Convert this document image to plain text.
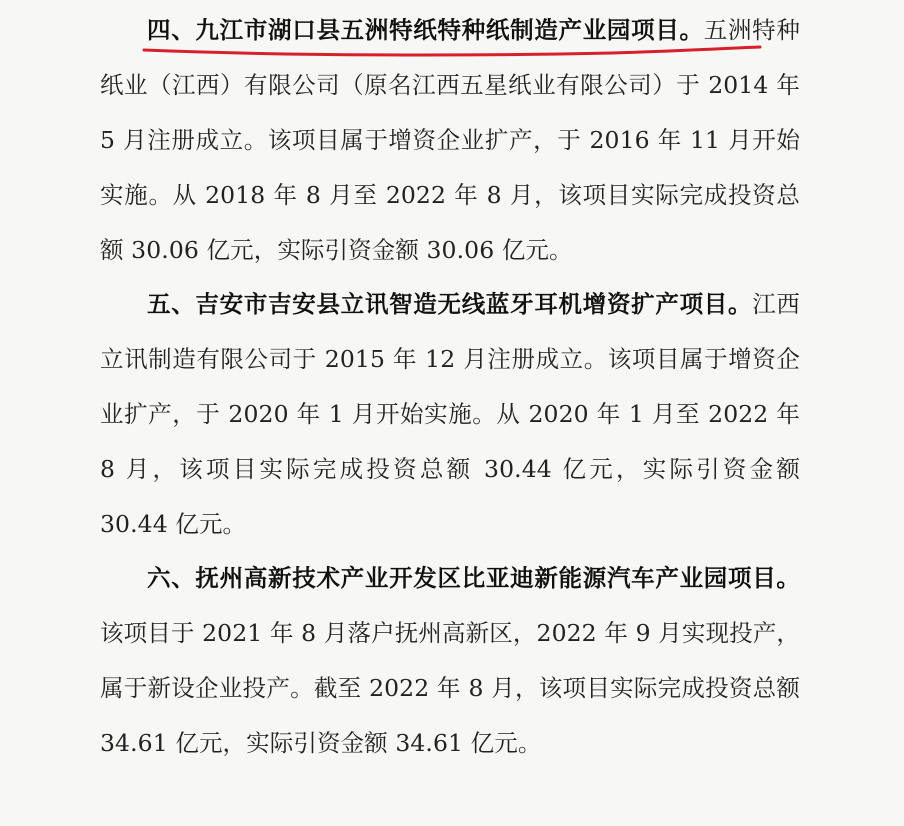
四、九江市湖口县五洲特纸特种纸制造产业园项目。五洲特种纸业（江西）有限公司（原名江西五星纸业有限公司）于 2014 年 5 月注册成立。该项目属于增资企业扩产，于 2016 年 11 月开始实施。从 2018 年 8 月至 2022 年 8 月，该项目实际完成投资总额 30.06 亿元，实际引资金额 30.06 亿元。

五、吉安市吉安县立讯智造无线蓝牙耳机增资扩产项目。江西立讯制造有限公司于 2015 年 12 月注册成立。该项目属于增资企业扩产，于 2020 年 1 月开始实施。从 2020 年 1 月至 2022 年 8 月，该项目实际完成投资总额 30.44 亿元，实际引资金额 30.44 亿元。

六、抚州高新技术产业开发区比亚迪新能源汽车产业园项目。该项目于 2021 年 8 月落户抚州高新区，2022 年 9 月实现投产，属于新设企业投产。截至 2022 年 8 月，该项目实际完成投资总额 34.61 亿元，实际引资金额 34.61 亿元。
